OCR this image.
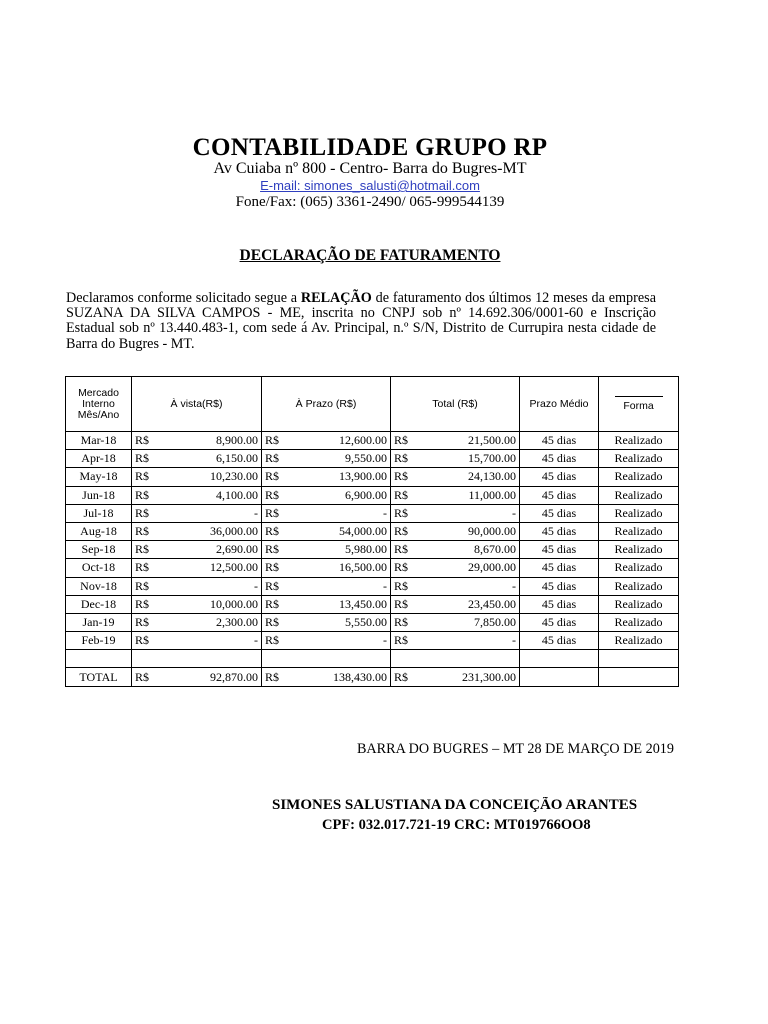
CONTABILIDADE GRUPO RP
Av Cuiaba nº 800 - Centro- Barra do Bugres-MT
E-mail: simones_salusti@hotmail.com
Fone/Fax: (065) 3361-2490/ 065-999544139
DECLARAÇÃO DE FATURAMENTO
Declaramos conforme solicitado segue a RELAÇÃO de faturamento dos últimos 12 meses da empresa SUZANA DA SILVA CAMPOS - ME, inscrita no CNPJ sob nº 14.692.306/0001-60 e Inscrição Estadual sob nº 13.440.483-1, com sede á Av. Principal, n.º S/N, Distrito de Currupira nesta cidade de Barra do Bugres - MT.
Mercado
Interno
Mês/Ano	À vista(R$)		À Prazo (R$)		Total (R$)		Prazo Médio	Forma
Mar-18	R$	8,900.00	R$	12,600.00	R$	21,500.00	45 dias	Realizado
Apr-18	R$	6,150.00	R$	9,550.00	R$	15,700.00	45 dias	Realizado
May-18	R$	10,230.00	R$	13,900.00	R$	24,130.00	45 dias	Realizado
Jun-18	R$	4,100.00	R$	6,900.00	R$	11,000.00	45 dias	Realizado
Jul-18	R$	-	R$	-	R$	-	45 dias	Realizado
Aug-18	R$	36,000.00	R$	54,000.00	R$	90,000.00	45 dias	Realizado
Sep-18	R$	2,690.00	R$	5,980.00	R$	8,670.00	45 dias	Realizado
Oct-18	R$	12,500.00	R$	16,500.00	R$	29,000.00	45 dias	Realizado
Nov-18	R$	-	R$	-	R$	-	45 dias	Realizado
Dec-18	R$	10,000.00	R$	13,450.00	R$	23,450.00	45 dias	Realizado
Jan-19	R$	2,300.00	R$	5,550.00	R$	7,850.00	45 dias	Realizado
Feb-19	R$	-	R$	-	R$	-	45 dias	Realizado

TOTAL	R$	92,870.00	R$	138,430.00	R$	231,300.00		
BARRA DO BUGRES – MT 28 DE MARÇO DE 2019
SIMONES SALUSTIANA DA CONCEIÇÃO ARANTES
CPF: 032.017.721-19 CRC: MT019766OO8
